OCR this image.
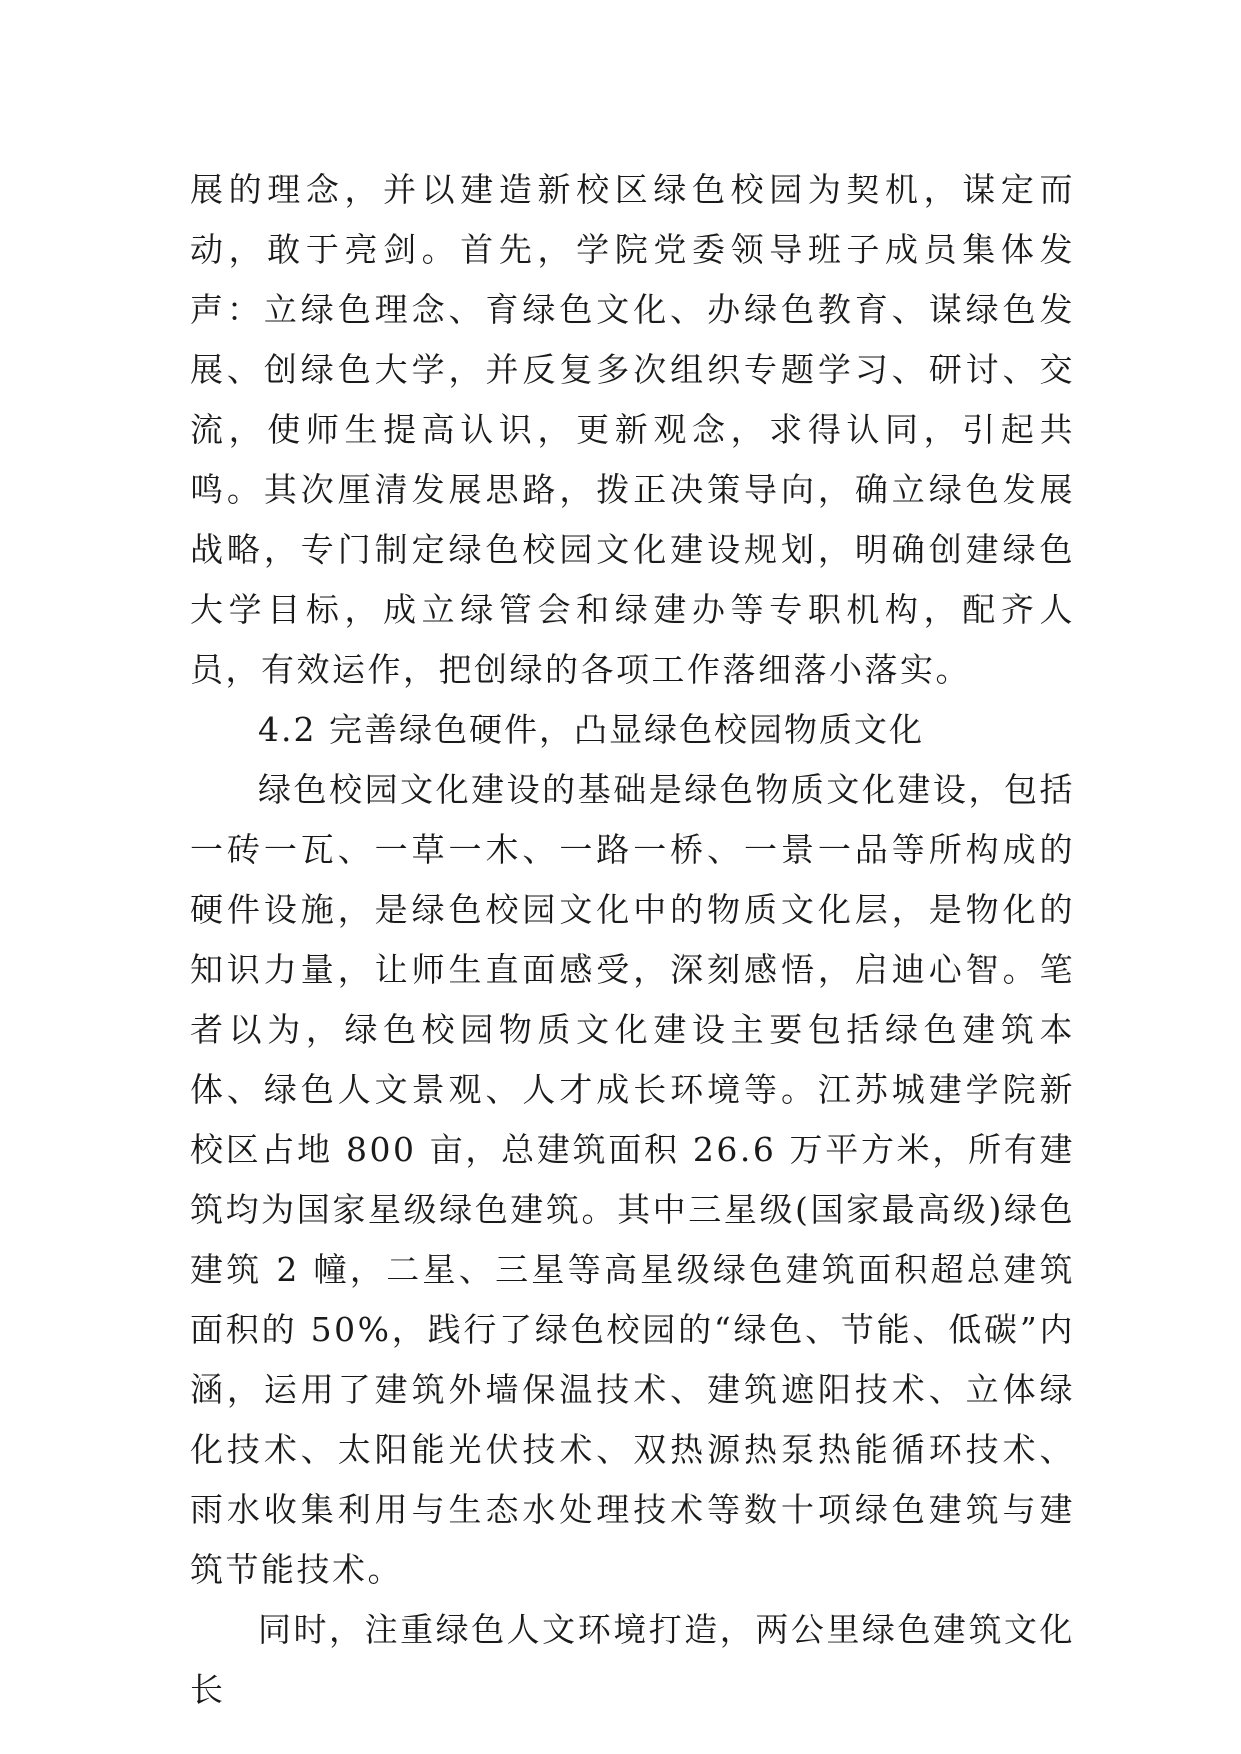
展的理念，并以建造新校区绿色校园为契机，谋定而动，敢于亮剑。首先，学院党委领导班子成员集体发声：立绿色理念、育绿色文化、办绿色教育、谋绿色发展、创绿色大学，并反复多次组织专题学习、研讨、交流，使师生提高认识，更新观念，求得认同，引起共鸣。其次厘清发展思路，拨正决策导向，确立绿色发展战略，专门制定绿色校园文化建设规划，明确创建绿色大学目标，成立绿管会和绿建办等专职机构，配齐人员，有效运作，把创绿的各项工作落细落小落实。

4.2 完善绿色硬件，凸显绿色校园物质文化

绿色校园文化建设的基础是绿色物质文化建设，包括一砖一瓦、一草一木、一路一桥、一景一品等所构成的硬件设施，是绿色校园文化中的物质文化层，是物化的知识力量，让师生直面感受，深刻感悟，启迪心智。笔者以为，绿色校园物质文化建设主要包括绿色建筑本体、绿色人文景观、人才成长环境等。江苏城建学院新校区占地 800 亩，总建筑面积 26.6 万平方米，所有建筑均为国家星级绿色建筑。其中三星级(国家最高级)绿色建筑 2 幢，二星、三星等高星级绿色建筑面积超总建筑面积的 50%，践行了绿色校园的“绿色、节能、低碳”内涵，运用了建筑外墙保温技术、建筑遮阳技术、立体绿化技术、太阳能光伏技术、双热源热泵热能循环技术、雨水收集利用与生态水处理技术等数十项绿色建筑与建筑节能技术。

同时，注重绿色人文环境打造，两公里绿色建筑文化长
